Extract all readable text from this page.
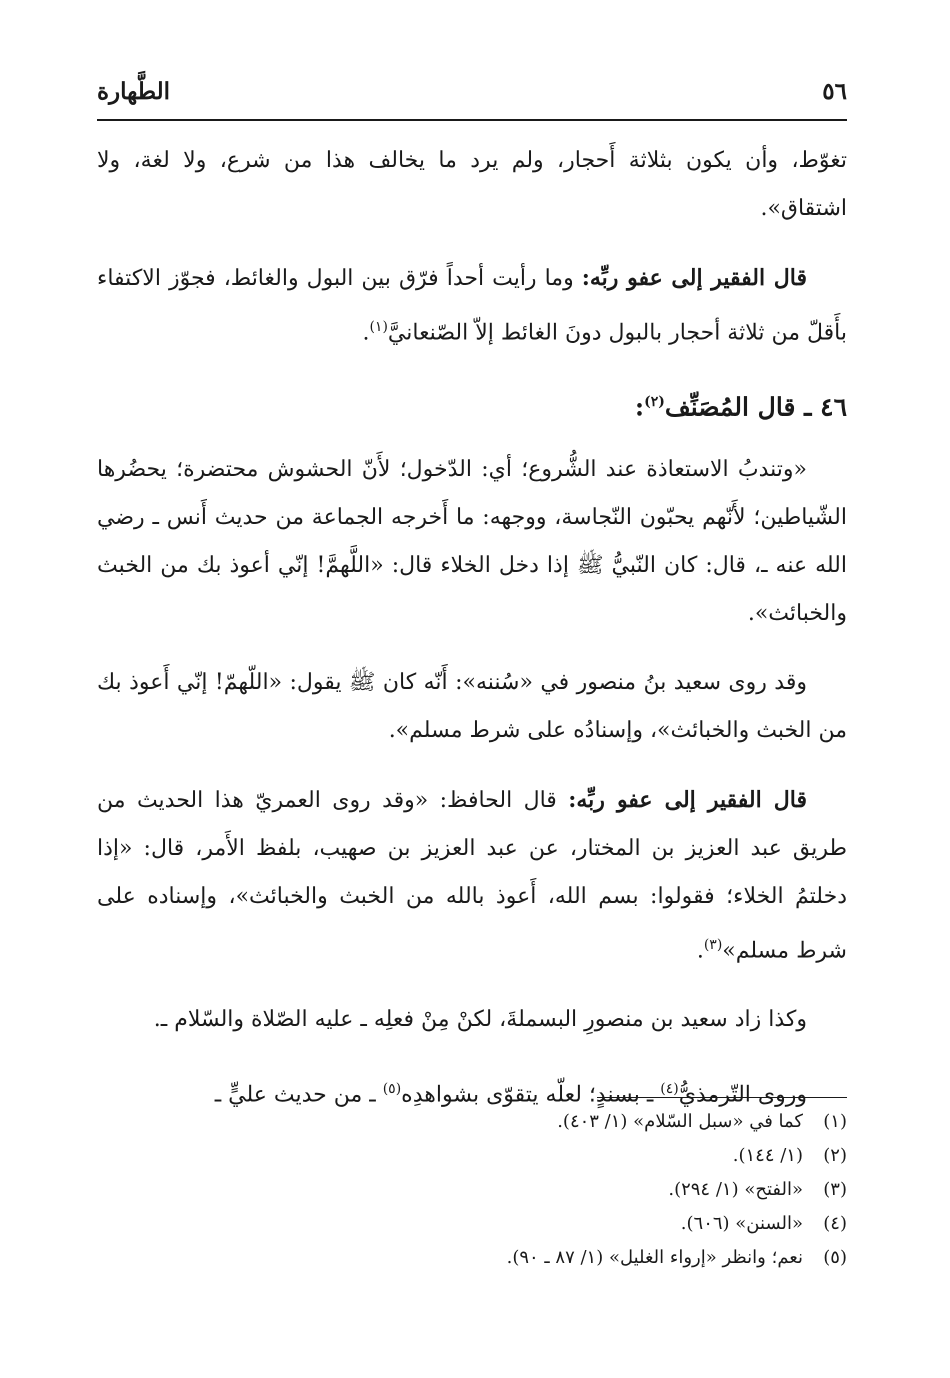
٥٦
الطَّهارة

تغوّط، وأن يكون بثلاثة أَحجار، ولم يرد ما يخالف هذا من شرع، ولا لغة، ولا اشتقاق».

قال الفقير إلى عفو ربِّه: وما رأيت أحداً فرّق بين البول والغائط، فجوّز الاكتفاء بأَقلّ من ثلاثة أحجار بالبول دونَ الغائط إلاّ الصّنعانيَّ$^{(١)}$.

٤٦ ـ قال المُصَنِّف$^{(٢)}$:

«وتندبُ الاستعاذة عند الشُّروع؛ أي: الدّخول؛ لأَنّ الحشوش محتضرة؛ يحضُرها الشّياطين؛ لأَنّهم يحبّون النّجاسة، ووجهه: ما أَخرجه الجماعة من حديث أَنس ـ رضي الله عنه ـ، قال: كان النّبيُّ ﷺ إذا دخل الخلاء قال: «اللَّهمَّ! إنّي أعوذ بك من الخبث والخبائث».

وقد روى سعيد بنُ منصور في «سُننه»: أَنّه كان ﷺ يقول: «اللّهمّ! إنّي أَعوذ بك من الخبث والخبائث»، وإسنادُه على شرط مسلم».

قال الفقير إلى عفو ربِّه: قال الحافظ: «وقد روى العمريّ هذا الحديث من طريق عبد العزيز بن المختار، عن عبد العزيز بن صهيب، بلفظ الأَمر، قال: «إذا دخلتمُ الخلاء؛ فقولوا: بسم الله، أَعوذ بالله من الخبث والخبائث»، وإسناده على شرط مسلم»$^{(٣)}$.

وكذا زاد سعيد بن منصورِ البسملةَ، لكنْ مِنْ فعلِه ـ عليه الصّلاة والسّلام ـ.

وروى التّرمذيُّ$^{(٤)}$ ـ بسندٍ؛ لعلّه يتقوّى بشواهدِه$^{(٥)}$ ـ من حديث عليٍّ ـ

(١)
كما في «سبل السّلام» (١/ ٤٠٣).
(٢)
(١/ ١٤٤).
(٣)
«الفتح» (١/ ٢٩٤).
(٤)
«السنن» (٦٠٦).
(٥)
نعم؛ وانظر «إرواء الغليل» (١/ ٨٧ ـ ٩٠).
